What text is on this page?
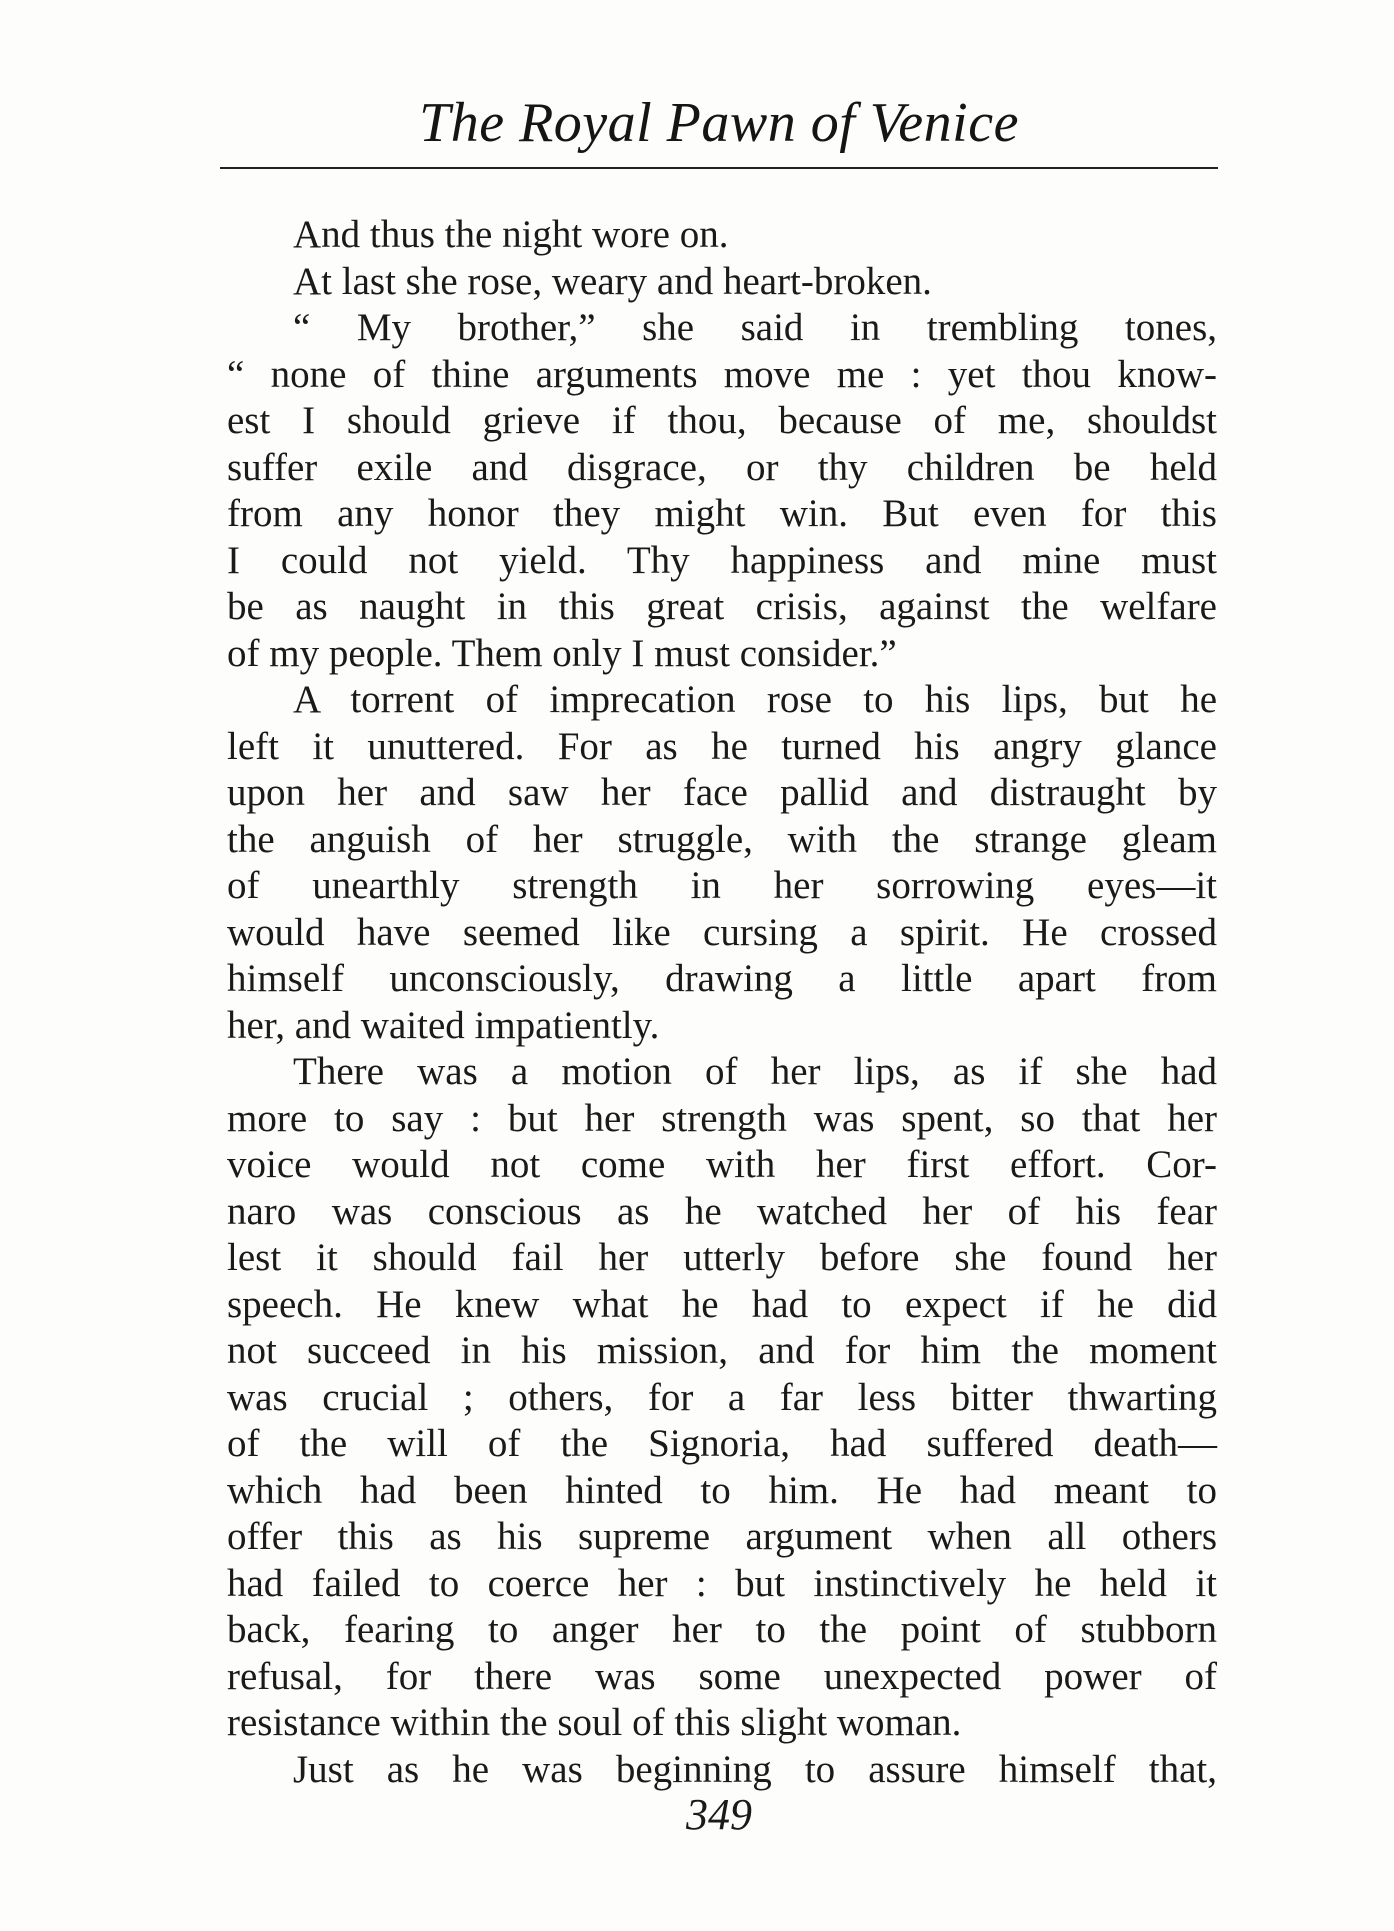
The Royal Pawn of Venice
And thus the night wore on.
At last she rose, weary and heart-broken.
“ My brother,” she said in trembling tones,
“ none of thine arguments move me : yet thou know-
est I should grieve if thou, because of me, shouldst
suffer exile and disgrace, or thy children be held
from any honor they might win. But even for this
I could not yield. Thy happiness and mine must
be as naught in this great crisis, against the welfare
of my people. Them only I must consider.”
A torrent of imprecation rose to his lips, but he
left it unuttered. For as he turned his angry glance
upon her and saw her face pallid and distraught by
the anguish of her struggle, with the strange gleam
of unearthly strength in her sorrowing eyes—it
would have seemed like cursing a spirit. He crossed
himself unconsciously, drawing a little apart from
her, and waited impatiently.
There was a motion of her lips, as if she had
more to say : but her strength was spent, so that her
voice would not come with her first effort. Cor-
naro was conscious as he watched her of his fear
lest it should fail her utterly before she found her
speech. He knew what he had to expect if he did
not succeed in his mission, and for him the moment
was crucial ; others, for a far less bitter thwarting
of the will of the Signoria, had suffered death—
which had been hinted to him. He had meant to
offer this as his supreme argument when all others
had failed to coerce her : but instinctively he held it
back, fearing to anger her to the point of stubborn
refusal, for there was some unexpected power of
resistance within the soul of this slight woman.
Just as he was beginning to assure himself that,
349
